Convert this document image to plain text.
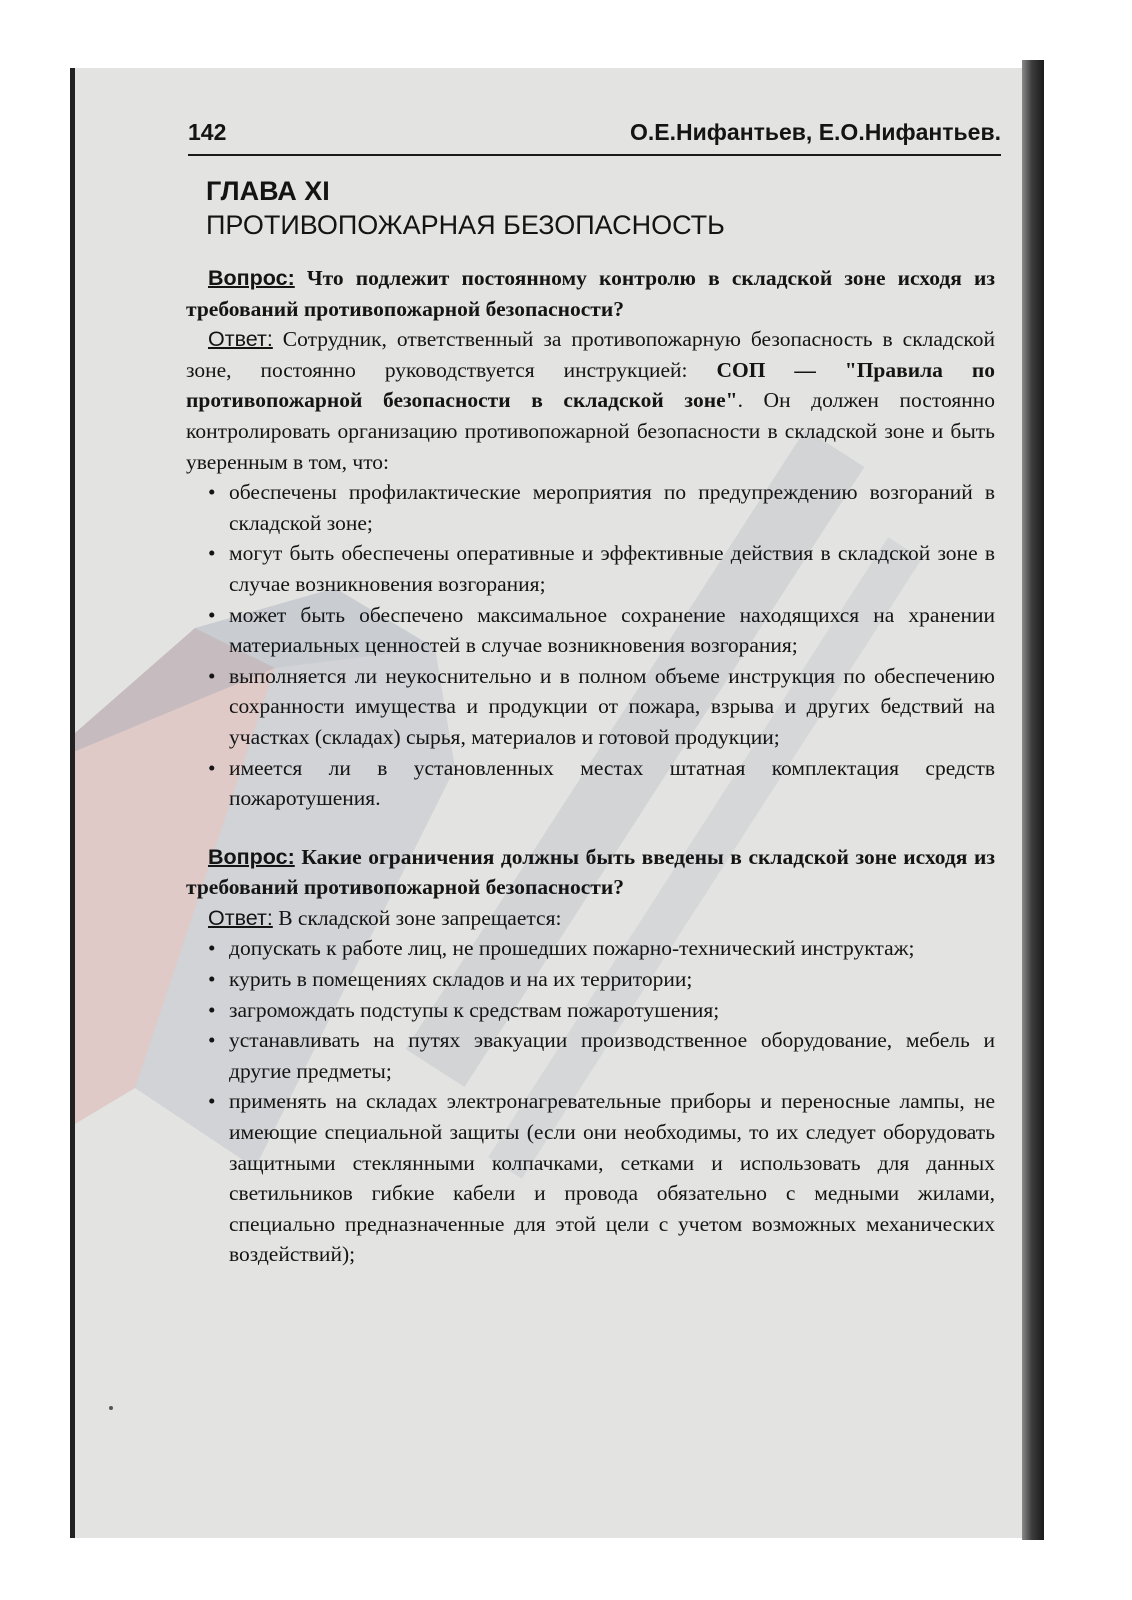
142	О.Е.Нифантьев, Е.О.Нифантьев.
ГЛАВА XI
ПРОТИВОПОЖАРНАЯ БЕЗОПАСНОСТЬ

Вопрос: Что подлежит постоянному контролю в складской зоне исходя из требований противопожарной безопасности?

Ответ: Сотрудник, ответственный за противопожарную безопасность в складской зоне, постоянно руководствуется инструкцией: СОП — "Правила по противопожарной безопасности в складской зоне". Он должен постоянно контролировать организацию противопожарной безопасности в складской зоне и быть уверенным в том, что:

• обеспечены профилактические мероприятия по предупреждению возгораний в складской зоне;
• могут быть обеспечены оперативные и эффективные действия в складской зоне в случае возникновения возгорания;
• может быть обеспечено максимальное сохранение находящихся на хранении материальных ценностей в случае возникновения возгорания;
• выполняется ли неукоснительно и в полном объеме инструкция по обеспечению сохранности имущества и продукции от пожара, взрыва и других бедствий на участках (складах) сырья, материалов и готовой продукции;
• имеется ли в установленных местах штатная комплектация средств пожаротушения.

Вопрос: Какие ограничения должны быть введены в складской зоне исходя из требований противопожарной безопасности?

Ответ: В складской зоне запрещается:

• допускать к работе лиц, не прошедших пожарно-технический инструктаж;
• курить в помещениях складов и на их территории;
• загромождать подступы к средствам пожаротушения;
• устанавливать на путях эвакуации производственное оборудование, мебель и другие предметы;
• применять на складах электронагревательные приборы и переносные лампы, не имеющие специальной защиты (если они необходимы, то их следует оборудовать защитными стеклянными колпачками, сетками и использовать для данных светильников гибкие кабели и провода обязательно с медными жилами, специально предназначенные для этой цели с учетом возможных механических воздействий);
